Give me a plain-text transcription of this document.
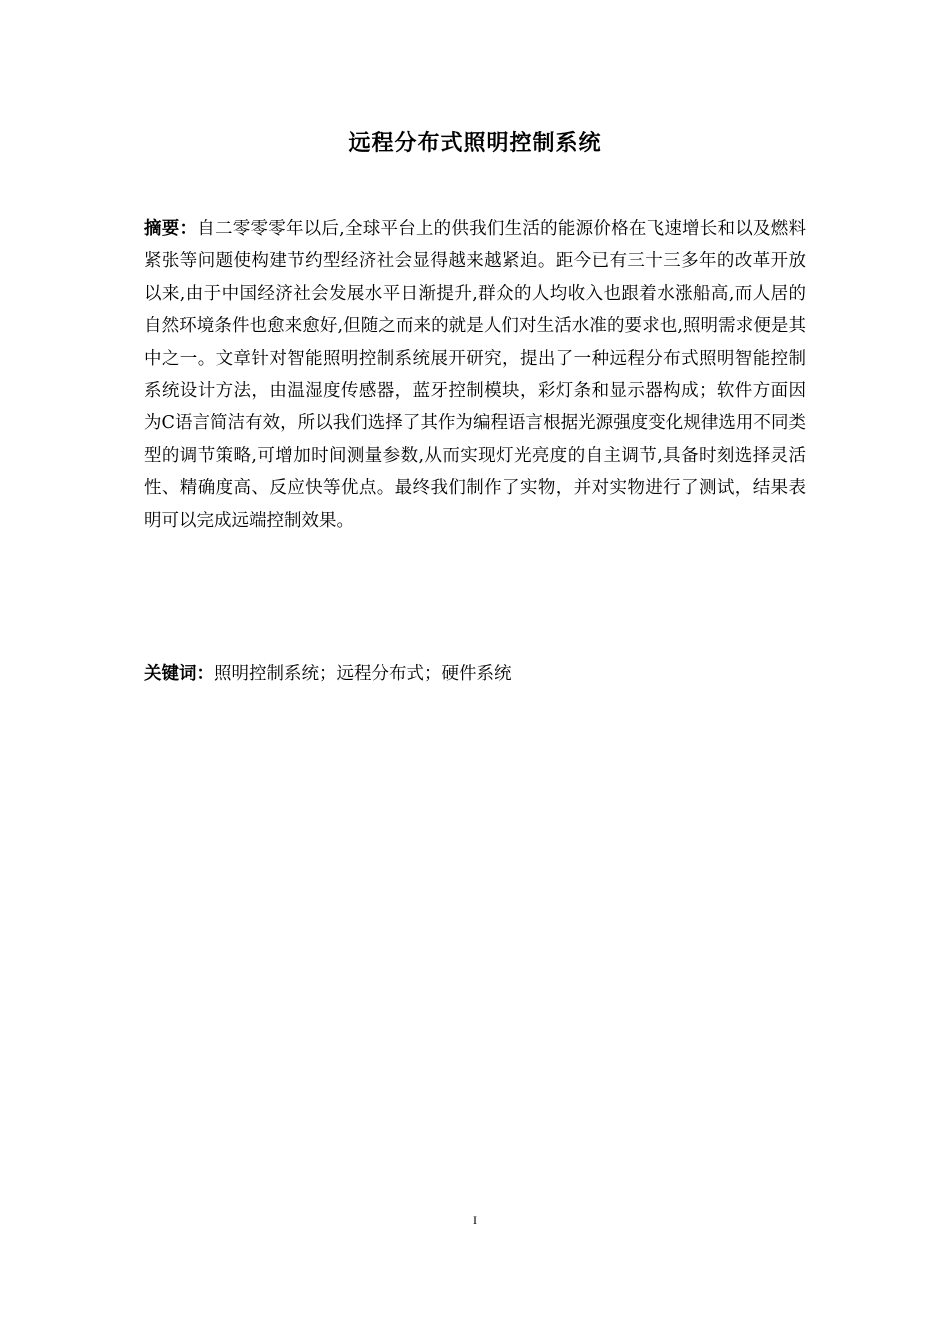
远程分布式照明控制系统
摘要：自二零零零年以后,全球平台上的供我们生活的能源价格在飞速增长和以及燃料紧张等问题使构建节约型经济社会显得越来越紧迫。距今已有三十三多年的改革开放以来,由于中国经济社会发展水平日渐提升,群众的人均收入也跟着水涨船高,而人居的自然环境条件也愈来愈好,但随之而来的就是人们对生活水准的要求也,照明需求便是其中之一。文章针对智能照明控制系统展开研究，提出了一种远程分布式照明智能控制系统设计方法，由温湿度传感器，蓝牙控制模块，彩灯条和显示器构成；软件方面因为C语言简洁有效，所以我们选择了其作为编程语言根据光源强度变化规律选用不同类型的调节策略,可增加时间测量参数,从而实现灯光亮度的自主调节,具备时刻选择灵活性、精确度高、反应快等优点。最终我们制作了实物，并对实物进行了测试，结果表明可以完成远端控制效果。
关键词：照明控制系统；远程分布式；硬件系统
I
